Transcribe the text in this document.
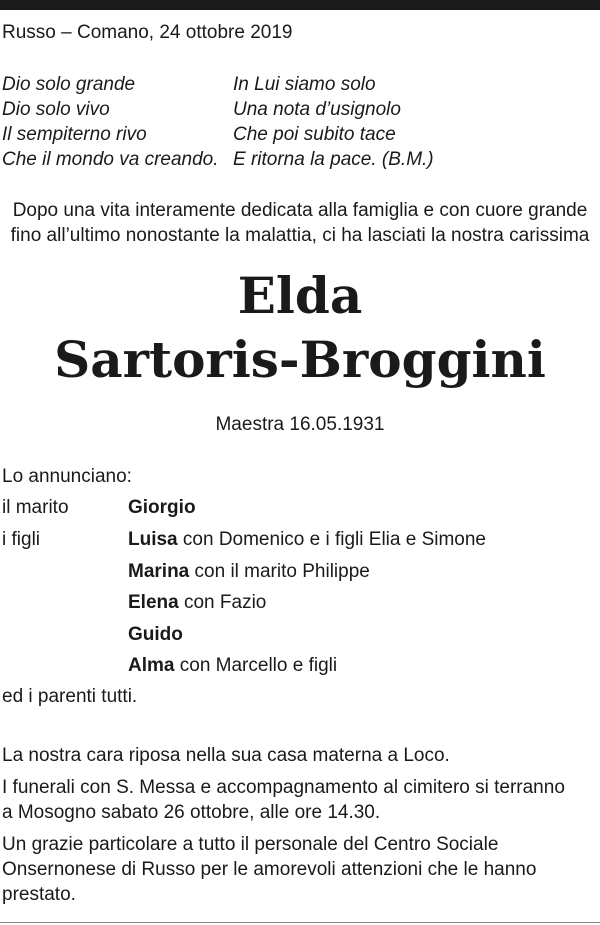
Russo – Comano, 24 ottobre 2019
Dio solo grande
Dio solo vivo
Il sempiterno rivo
Che il mondo va creando.
In Lui siamo solo
Una nota d’usignolo
Che poi subito tace
E ritorna la pace. (B.M.)
Dopo una vita interamente dedicata alla famiglia e con cuore grande
fino all’ultimo nonostante la malattia, ci ha lasciati la nostra carissima
Elda
Sartoris-Broggini
Maestra 16.05.1931
Lo annunciano:
il marito	Giorgio
i figli	Luisa con Domenico e i figli Elia e Simone
Marina con il marito Philippe
Elena con Fazio
Guido
Alma con Marcello e figli
ed i parenti tutti.
La nostra cara riposa nella sua casa materna a Loco.
I funerali con S. Messa e accompagnamento al cimitero si terranno
a Mosogno sabato 26 ottobre, alle ore 14.30.
Un grazie particolare a tutto il personale del Centro Sociale
Onsernonese di Russo per le amorevoli attenzioni che le hanno
prestato.
